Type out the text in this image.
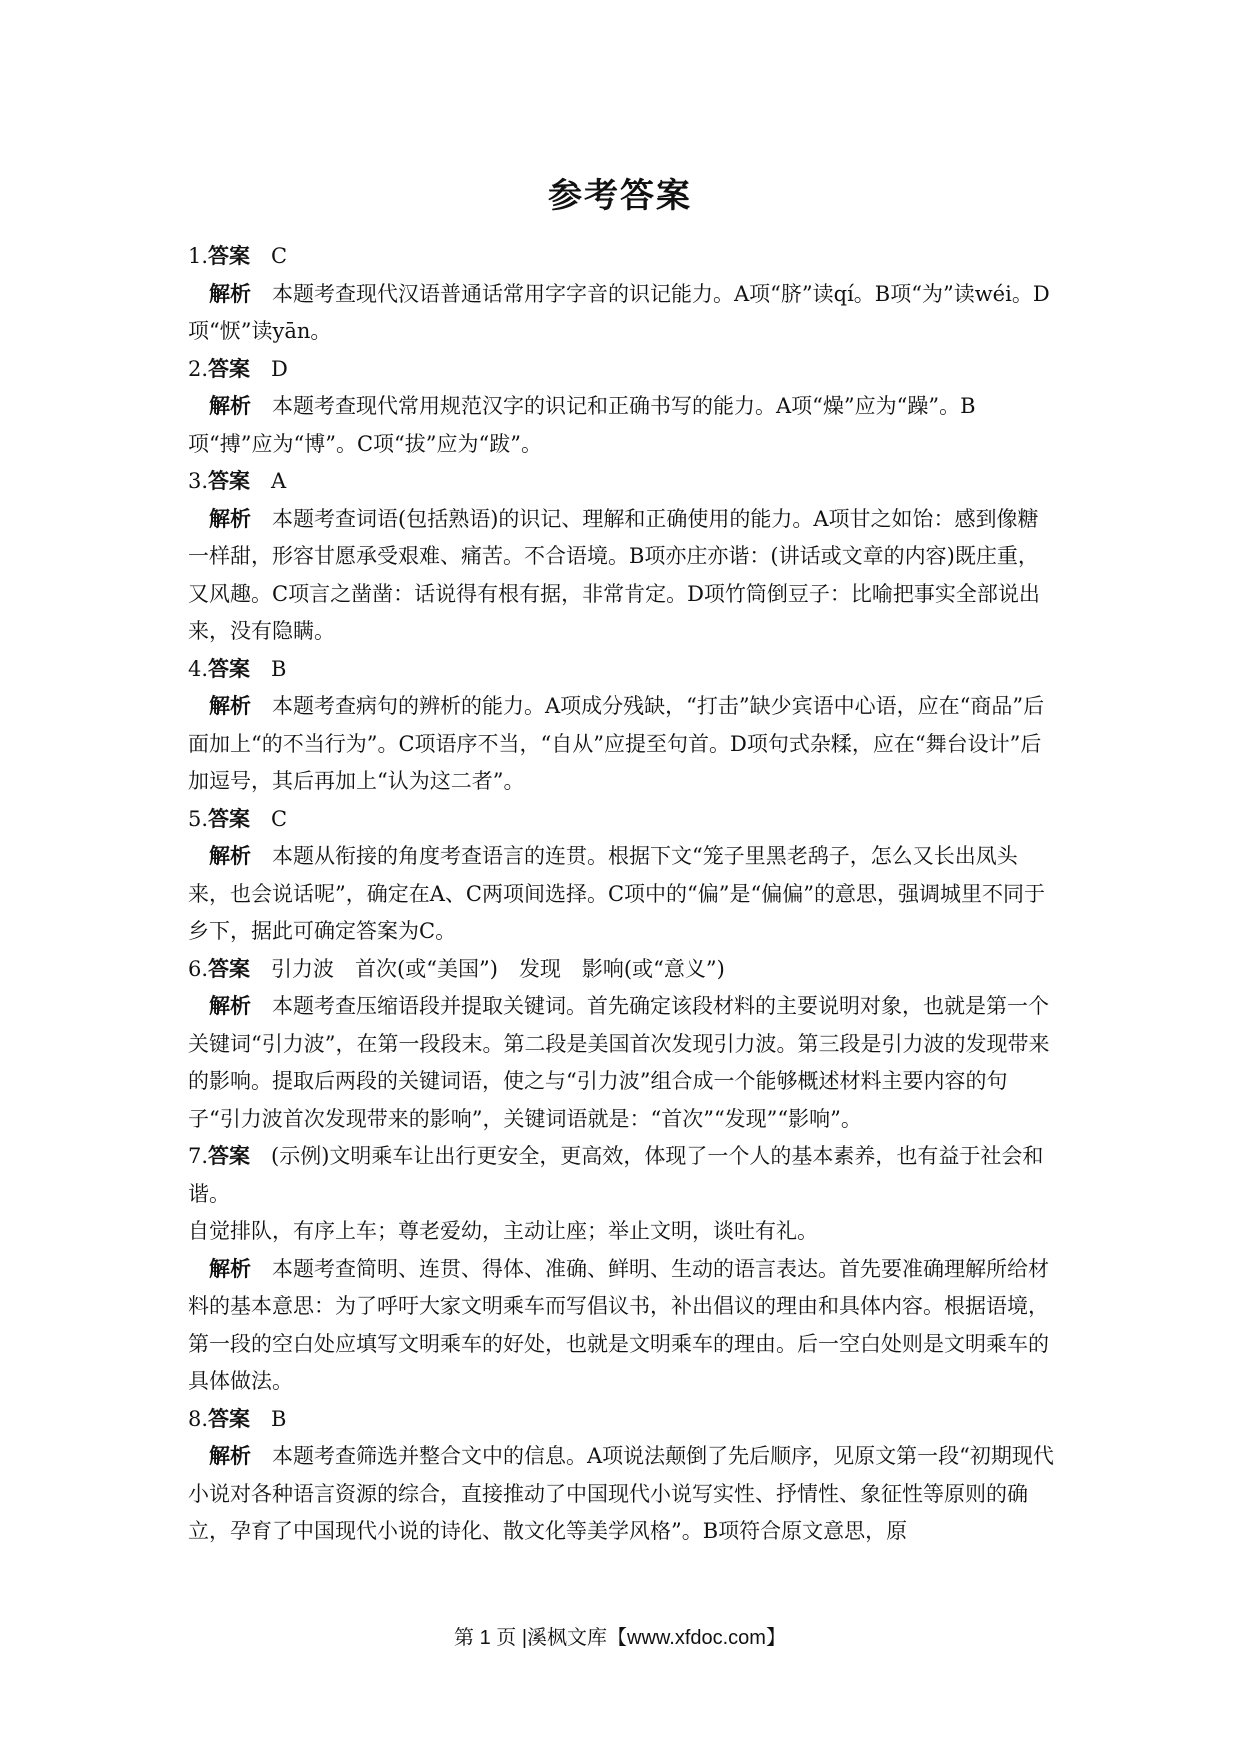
参考答案

1.答案　C

解析　本题考查现代汉语普通话常用字字音的识记能力。A项“脐”读qí。B项“为”读wéi。D项“恹”读yān。

2.答案　D

解析　本题考查现代常用规范汉字的识记和正确书写的能力。A项“燥”应为“躁”。B项“搏”应为“博”。C项“拔”应为“跋”。

3.答案　A

解析　本题考查词语(包括熟语)的识记、理解和正确使用的能力。A项甘之如饴：感到像糖一样甜，形容甘愿承受艰难、痛苦。不合语境。B项亦庄亦谐：(讲话或文章的内容)既庄重，又风趣。C项言之凿凿：话说得有根有据，非常肯定。D项竹筒倒豆子：比喻把事实全部说出来，没有隐瞒。

4.答案　B

解析　本题考查病句的辨析的能力。A项成分残缺，“打击”缺少宾语中心语，应在“商品”后面加上“的不当行为”。C项语序不当，“自从”应提至句首。D项句式杂糅，应在“舞台设计”后加逗号，其后再加上“认为这二者”。

5.答案　C

解析　本题从衔接的角度考查语言的连贯。根据下文“笼子里黑老鸹子，怎么又长出凤头来，也会说话呢”，确定在A、C两项间选择。C项中的“偏”是“偏偏”的意思，强调城里不同于乡下，据此可确定答案为C。

6.答案　引力波　首次(或“美国”)　发现　影响(或“意义”)

解析　本题考查压缩语段并提取关键词。首先确定该段材料的主要说明对象，也就是第一个关键词“引力波”，在第一段段末。第二段是美国首次发现引力波。第三段是引力波的发现带来的影响。提取后两段的关键词语，使之与“引力波”组合成一个能够概述材料主要内容的句子“引力波首次发现带来的影响”，关键词语就是：“首次”“发现”“影响”。

7.答案　(示例)文明乘车让出行更安全，更高效，体现了一个人的基本素养，也有益于社会和谐。

自觉排队，有序上车；尊老爱幼，主动让座；举止文明，谈吐有礼。

解析　本题考查简明、连贯、得体、准确、鲜明、生动的语言表达。首先要准确理解所给材料的基本意思：为了呼吁大家文明乘车而写倡议书，补出倡议的理由和具体内容。根据语境，第一段的空白处应填写文明乘车的好处，也就是文明乘车的理由。后一空白处则是文明乘车的具体做法。

8.答案　B

解析　本题考查筛选并整合文中的信息。A项说法颠倒了先后顺序，见原文第一段“初期现代小说对各种语言资源的综合，直接推动了中国现代小说写实性、抒情性、象征性等原则的确立，孕育了中国现代小说的诗化、散文化等美学风格”。B项符合原文意思，原

第 1 页 |溪枫文库【www.xfdoc.com】
